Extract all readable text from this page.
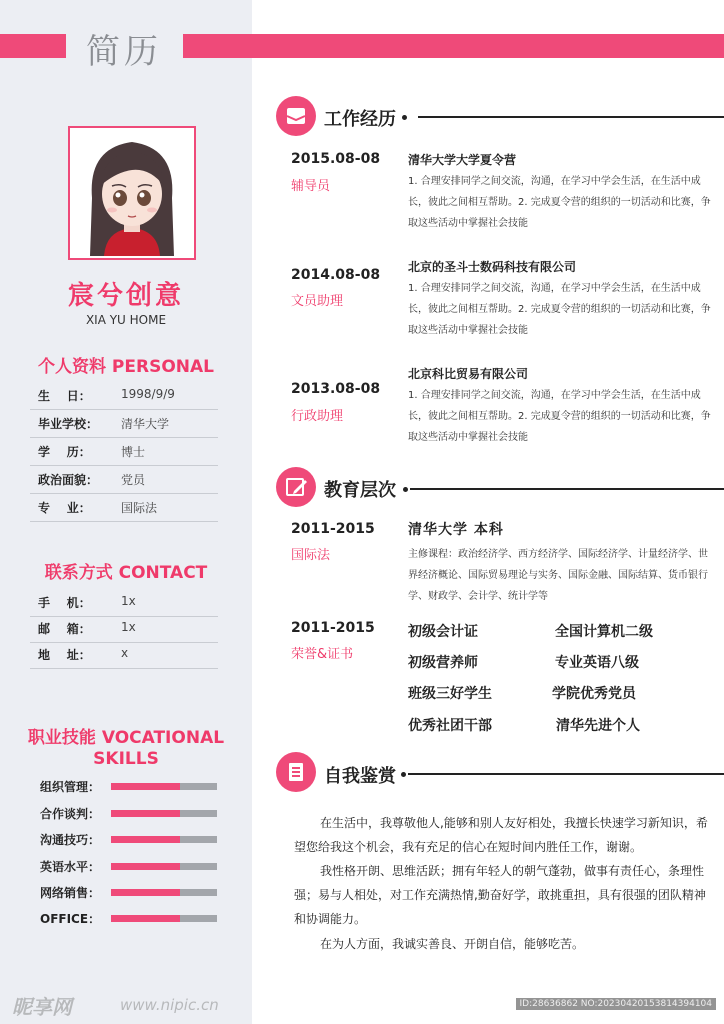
简历
宸兮创意
XIA YU HOME
个人资料 PERSONAL
生    日：	1998/9/9
毕业学校： 清华大学
学    历：	博士
政治面貌： 党员
专    业：	国际法
联系方式 CONTACT
手    机：	1x
邮    箱：	1x
地    址：	x
职业技能 VOCATIONAL
SKILLS
组织管理：
合作谈判：
沟通技巧：
英语水平：
网络销售：
OFFICE：
工作经历
2015.08-08
辅导员
清华大学大学夏令营
1. 合理安排同学之间交流，沟通，在学习中学会生活，在生活中成长，彼此之间相互帮助。2. 完成夏令营的组织的一切活动和比赛，争取这些活动中掌握社会技能
2014.08-08
文员助理
北京的圣斗士数码科技有限公司
1. 合理安排同学之间交流，沟通，在学习中学会生活，在生活中成长，彼此之间相互帮助。2. 完成夏令营的组织的一切活动和比赛，争取这些活动中掌握社会技能
2013.08-08
行政助理
北京科比贸易有限公司
1. 合理安排同学之间交流，沟通，在学习中学会生活，在生活中成长，彼此之间相互帮助。2. 完成夏令营的组织的一切活动和比赛，争取这些活动中掌握社会技能
教育层次
2011-2015
国际法
清华大学 本科
主修课程：政治经济学、西方经济学、国际经济学、计量经济学、世界经济概论、国际贸易理论与实务、国际金融、国际结算、货币银行学、财政学、会计学、统计学等
2011-2015
荣誉&证书
初级会计证	全国计算机二级
初级营养师	专业英语八级
班级三好学生	学院优秀党员
优秀社团干部	清华先进个人
自我鉴赏
在生活中，我尊敬他人,能够和别人友好相处，我擅长快速学习新知识，希望您给我这个机会，我有充足的信心在短时间内胜任工作，谢谢。
我性格开朗、思维活跃；拥有年轻人的朝气蓬勃，做事有责任心，条理性强；易与人相处，对工作充满热情,勤奋好学，敢挑重担，具有很强的团队精神和协调能力。
在为人方面，我诚实善良、开朗自信，能够吃苦。
昵享网	www.nipic.cn	ID:28636862 NO:20230420153814394104
